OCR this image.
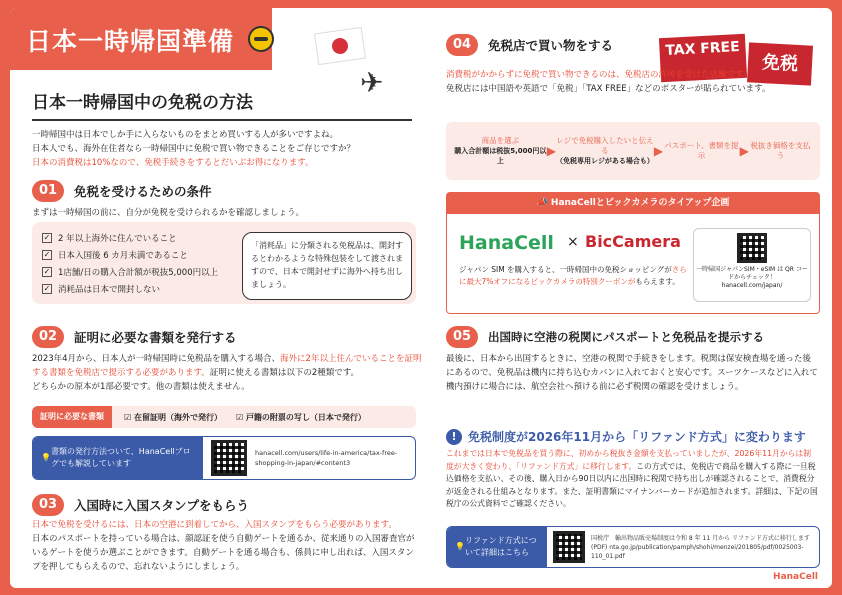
日本一時帰国準備
✈
日本一時帰国中の免税の方法
一時帰国中は日本でしか手に入らないものをまとめ買いする人が多いですよね。
日本人でも、海外在住者なら一時帰国中に免税で買い物できることをご存じですか？
日本の消費税は10%なので、免税手続きをするとだいぶお得になります。
01	免税を受けるための条件
まずは一時帰国の前に、自分が免税を受けられるかを確認しましょう。
✓ 2 年以上海外に住んでいること
✓ 日本入国後 6 カ月未満であること
✓ 1店舗/日の購入合計額が税抜5,000円以上
✓ 消耗品は日本で開封しない
「消耗品」に分類される免税品は、開封するとわかるような特殊包装をして渡されますので、日本で開封せずに海外へ持ち出しましょう。
02	証明に必要な書類を発行する
2023年4月から、日本人が一時帰国時に免税品を購入する場合、海外に2年以上住んでいることを証明する書類を免税店で提示する必要があります。証明に使える書類は以下の2種類です。
どちらかの原本が1部必要です。他の書類は使えません。
証明に必要な書類	☑ 在留証明（海外で発行） ☑ 戸籍の附票の写し（日本で発行）
💡
書類の発行方法ついて、HanaCellブログでも解説しています
hanacell.com/users/life-in-america/tax-free-shopping-in-japan/#content3
03	入国時に入国スタンプをもらう
日本で免税を受けるには、日本の空港に到着してから、入国スタンプをもらう必要があります。
日本のパスポートを持っている場合は、顔認証を使う自動ゲートを通るか、従来通りの入国審査官がいるゲートを使うか選ぶことができます。自動ゲートを通る場合も、係員に申し出れば、入国スタンプを押してもらえるので、忘れないようにしましょう。
04	免税店で買い物をする	TAX FREE
免税
消費税がかからずに免税で買い物できるのは、免税店の許可を受けた店舗です。
免税店には中国語や英語で「免税」「TAX FREE」などのポスターが貼られています。
商品を選ぶ
購入合計額は税抜5,000円以上
▶
レジで免税購入したいと伝える
（免税専用レジがある場合も）
▶ パスポート、書類を提示	▶ 税抜き価格を支払う
📣 HanaCellとビックカメラのタイアップ企画
HanaCell × BicCamera
ジャパン SIM を購入すると、一時帰国中の免税ショッピングがさらに最大7%オフになるビックカメラの特別クーポンがもらえます。
一時帰国ジャパンSIM・eSIM は QR コードからチェック！
hanacell.com/japan/
05	出国時に空港の税関にパスポートと免税品を提示する
最後に、日本から出国するときに、空港の税関で手続きをします。税関は保安検査場を通った後にあるので、免税品は機内に持ち込むカバンに入れておくと安心です。スーツケースなどに入れて機内預けに場合には、航空会社へ預ける前に必ず税関の確認を受けましょう。
! 免税制度が2026年11月から「リファンド方式」に変わります
これまでは日本で免税品を買う際に、初めから税抜き金額を支払っていましたが、2026年11月からは制度が大きく変わり、「リファンド方式」に移行します。この方式では、免税店で商品を購入する際に一旦税込価格を支払い、その後、購入日から90日以内に出国時に税関で持ち出しが確認されることで、消費税分が返金される仕組みとなります。また、証明書類にマイナンバーカードが追加されます。詳細は、下記の国税庁の公式資料でご確認ください。
💡
リファンド方式について詳細はこちら
国税庁　輸出物品販売場制度は令和 8 年 11 月から リファンド方式に移行します(PDF) nta.go.jp/publication/pamph/shohi/menzei/201805/pdf/0025003-110_01.pdf
HanaCell
